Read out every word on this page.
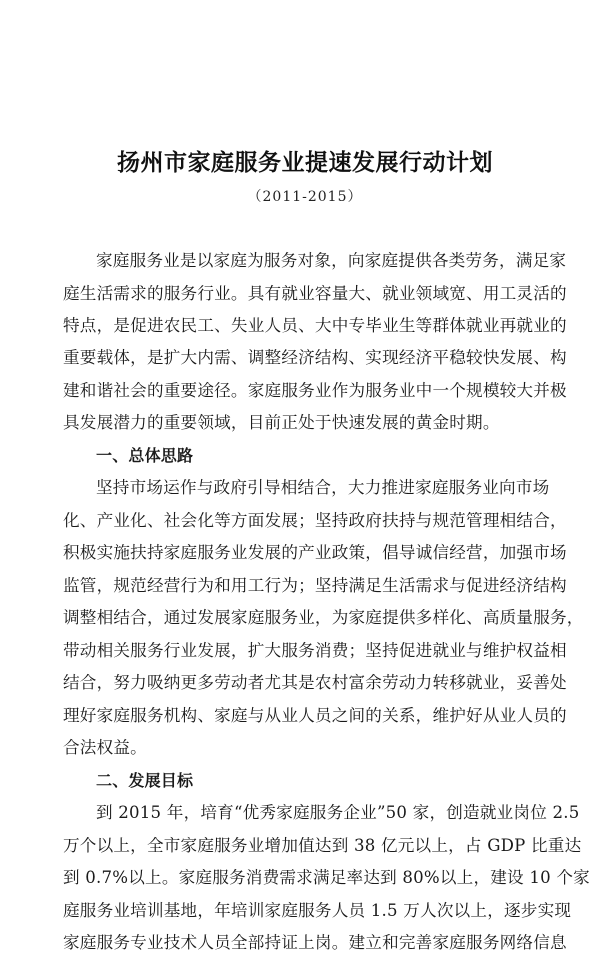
扬州市家庭服务业提速发展行动计划
（2011-2015）
家庭服务业是以家庭为服务对象，向家庭提供各类劳务，满足家
庭生活需求的服务行业。具有就业容量大、就业领域宽、用工灵活的
特点，是促进农民工、失业人员、大中专毕业生等群体就业再就业的
重要载体，是扩大内需、调整经济结构、实现经济平稳较快发展、构
建和谐社会的重要途径。家庭服务业作为服务业中一个规模较大并极
具发展潜力的重要领域，目前正处于快速发展的黄金时期。
一、总体思路
坚持市场运作与政府引导相结合，大力推进家庭服务业向市场
化、产业化、社会化等方面发展；坚持政府扶持与规范管理相结合，
积极实施扶持家庭服务业发展的产业政策，倡导诚信经营，加强市场
监管，规范经营行为和用工行为；坚持满足生活需求与促进经济结构
调整相结合，通过发展家庭服务业，为家庭提供多样化、高质量服务，
带动相关服务行业发展，扩大服务消费；坚持促进就业与维护权益相
结合，努力吸纳更多劳动者尤其是农村富余劳动力转移就业，妥善处
理好家庭服务机构、家庭与从业人员之间的关系，维护好从业人员的
合法权益。
二、发展目标
到 2015 年，培育“优秀家庭服务企业”50 家，创造就业岗位 2.5
万个以上，全市家庭服务业增加值达到 38 亿元以上，占 GDP 比重达
到 0.7%以上。家庭服务消费需求满足率达到 80%以上，建设 10 个家
庭服务业培训基地，年培训家庭服务人员 1.5 万人次以上，逐步实现
家庭服务专业技术人员全部持证上岗。建立和完善家庭服务网络信息
